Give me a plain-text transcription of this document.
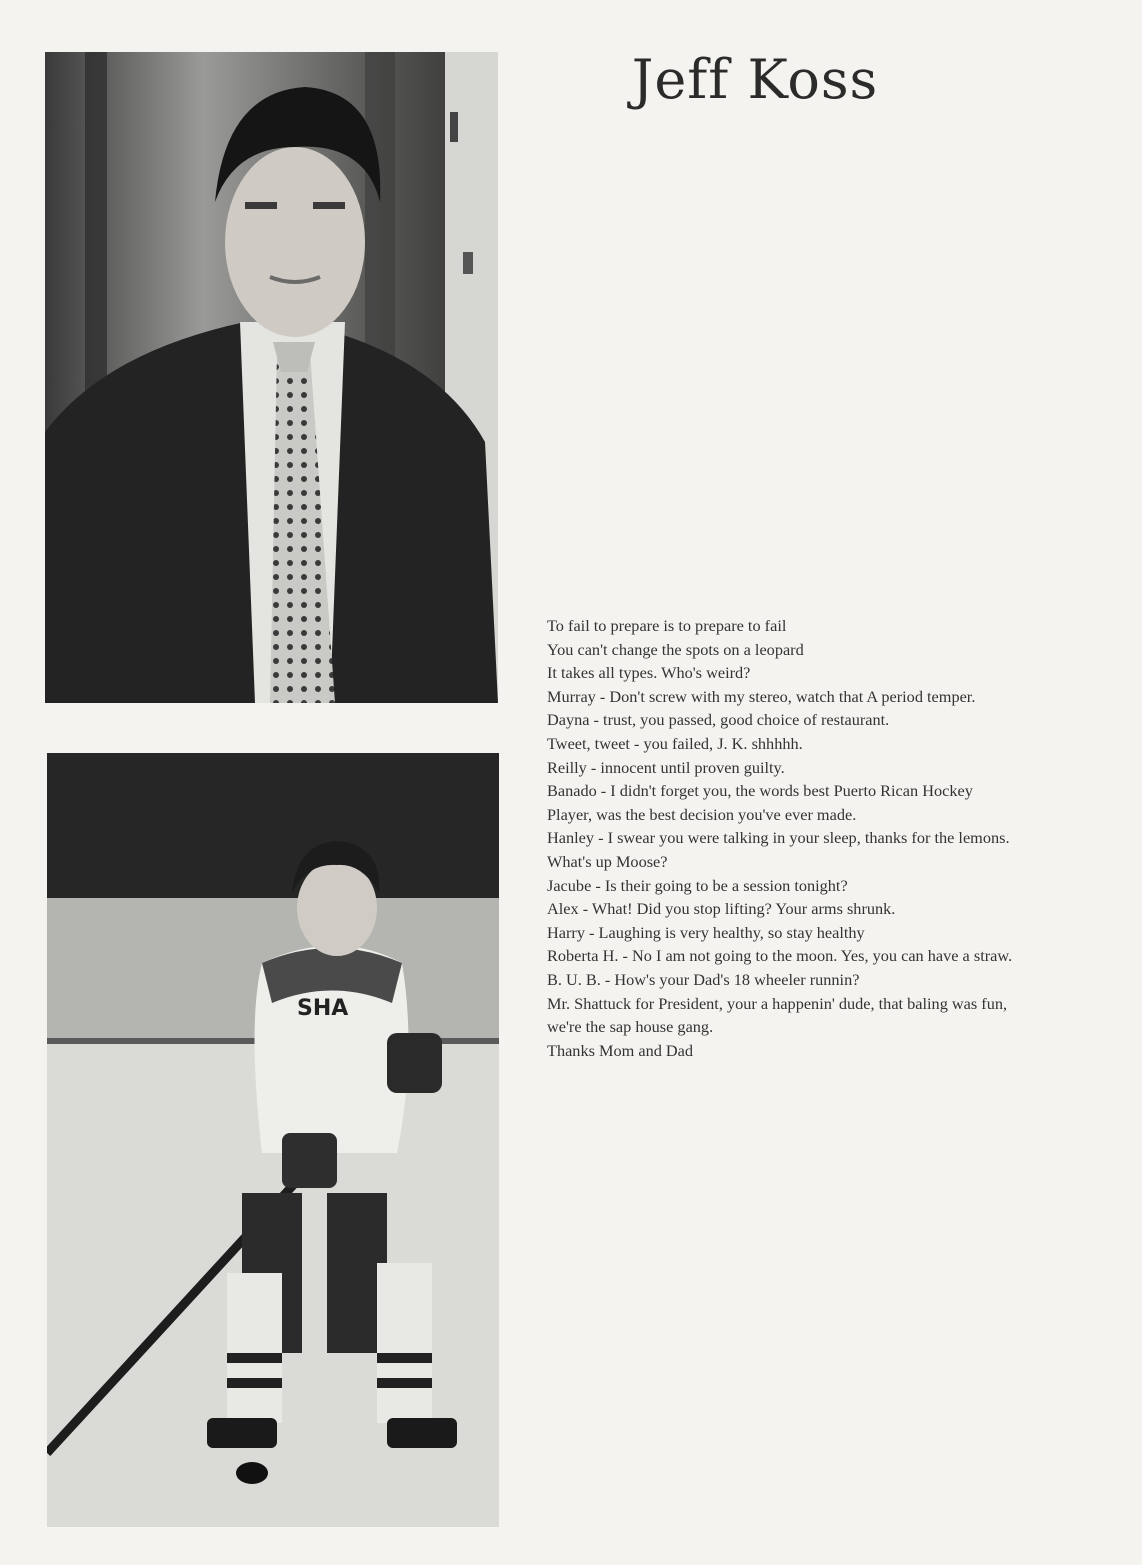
SHA
Jeff Koss
To fail to prepare is to prepare to fail
You can't change the spots on a leopard
It takes all types. Who's weird?
Murray - Don't screw with my stereo, watch that A period temper.
Dayna - trust, you passed, good choice of restaurant.
Tweet, tweet - you failed, J. K. shhhhh.
Reilly - innocent until proven guilty.
Banado - I didn't forget you, the words best Puerto Rican Hockey
Player, was the best decision you've ever made.
Hanley - I swear you were talking in your sleep, thanks for the lemons.
What's up Moose?
Jacube - Is their going to be a session tonight?
Alex - What! Did you stop lifting? Your arms shrunk.
Harry - Laughing is very healthy, so stay healthy
Roberta H. - No I am not going to the moon. Yes, you can have a straw.
B. U. B. - How's your Dad's 18 wheeler runnin?
Mr. Shattuck for President, your a happenin' dude, that baling was fun,
we're the sap house gang.
Thanks Mom and Dad
